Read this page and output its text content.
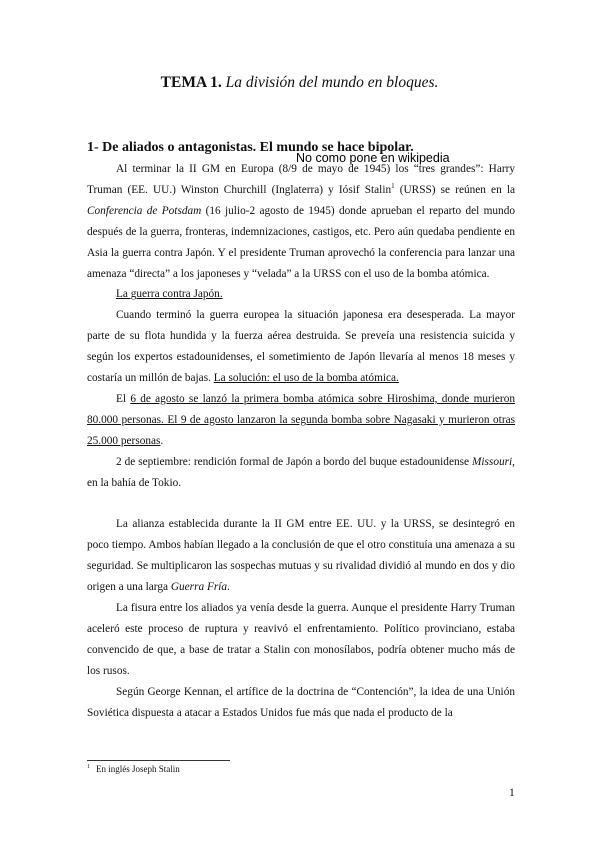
TEMA 1. La división del mundo en bloques.
1- De aliados o antagonistas. El mundo se hace bipolar.
No como pone en wikipedia

Al terminar la II GM en Europa (8/9 de mayo de 1945) los “tres grandes”: Harry Truman (EE. UU.) Winston Churchill (Inglaterra) y Iósif Stalin$^1$ (URSS) se reúnen en la Conferencia de Potsdam (16 julio-2 agosto de 1945) donde aprueban el reparto del mundo después de la guerra, fronteras, indemnizaciones, castigos, etc. Pero aún quedaba pendiente en Asia la guerra contra Japón. Y el presidente Truman aprovechó la conferencia para lanzar una amenaza “directa” a los japoneses y “velada” a la URSS con el uso de la bomba atómica.

La guerra contra Japón.

Cuando terminó la guerra europea la situación japonesa era desesperada. La mayor parte de su flota hundida y la fuerza aérea destruida. Se preveía una resistencia suicida y según los expertos estadounidenses, el sometimiento de Japón llevaría al menos 18 meses y costaría un millón de bajas. La solución: el uso de la bomba atómica.

El 6 de agosto se lanzó la primera bomba atómica sobre Hiroshima, donde murieron 80.000 personas. El 9 de agosto lanzaron la segunda bomba sobre Nagasaki y murieron otras 25.000 personas.

2 de septiembre: rendición formal de Japón a bordo del buque estadounidense Missouri, en la bahía de Tokio.

La alianza establecida durante la II GM entre EE. UU. y la URSS, se desintegró en poco tiempo. Ambos habían llegado a la conclusión de que el otro constituía una amenaza a su seguridad. Se multiplicaron las sospechas mutuas y su rivalidad dividió al mundo en dos y dio origen a una larga Guerra Fría.

La fisura entre los aliados ya venía desde la guerra. Aunque el presidente Harry Truman aceleró este proceso de ruptura y reavivó el enfrentamiento. Político provinciano, estaba convencido de que, a base de tratar a Stalin con monosílabos, podría obtener mucho más de los rusos.

Según George Kennan, el artífice de la doctrina de “Contención”, la idea de una Unión Soviética dispuesta a atacar a Estados Unidos fue más que nada el producto de la

$^1$ En inglés Joseph Stalin
1
